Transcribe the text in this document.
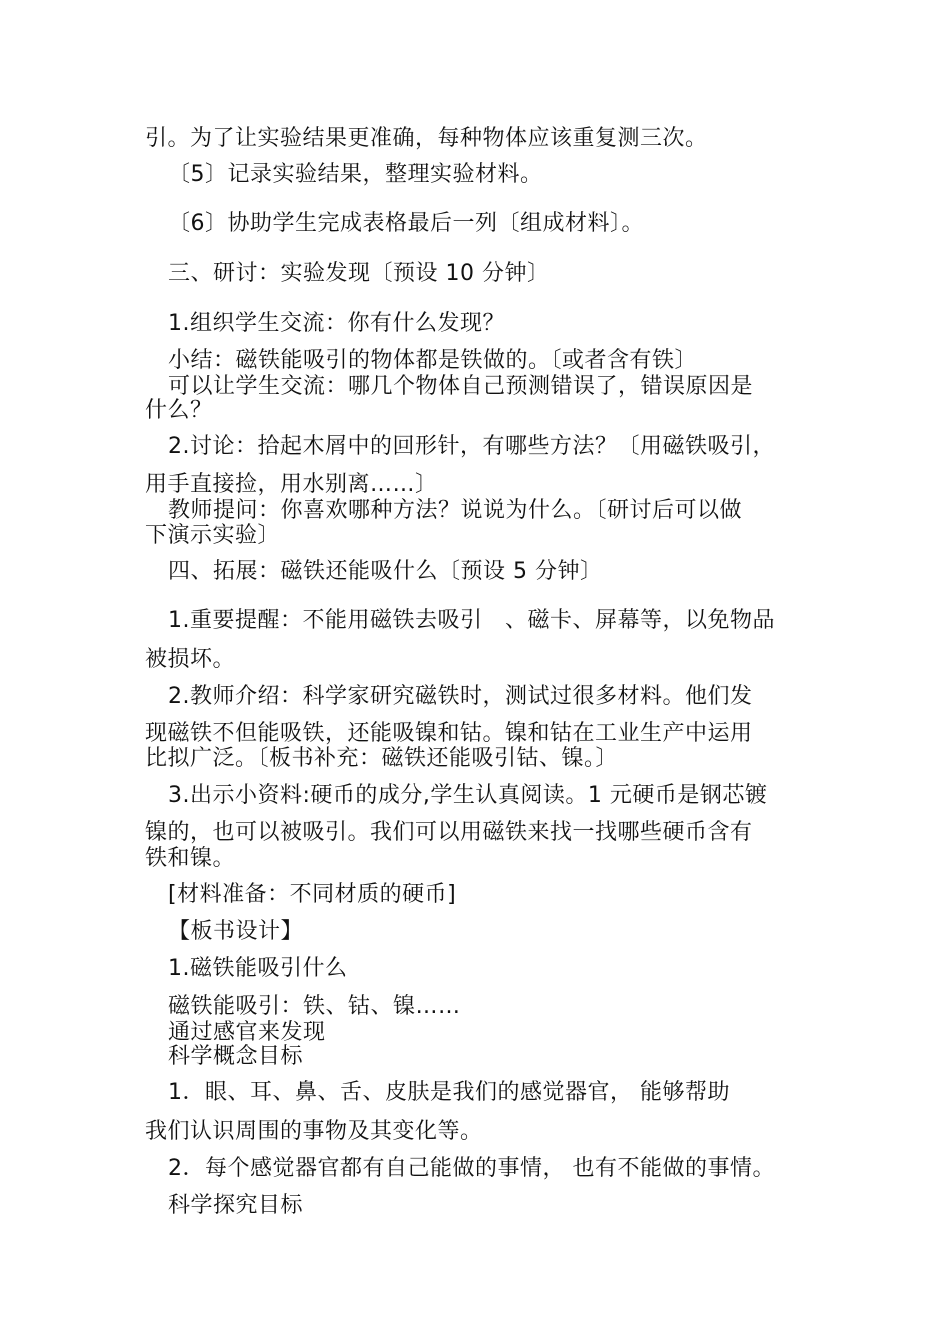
引。为了让实验结果更准确，每种物体应该重复测三次。
〔5〕记录实验结果，整理实验材料。
〔6〕协助学生完成表格最后一列〔组成材料〕。
三、研讨：实验发现〔预设 10 分钟〕
1.组织学生交流：你有什么发现？
小结：磁铁能吸引的物体都是铁做的。〔或者含有铁〕
可以让学生交流：哪几个物体自己预测错误了，错误原因是
什么？
2.讨论：拾起木屑中的回形针，有哪些方法？〔用磁铁吸引，
用手直接捡，用水别离……〕
教师提问：你喜欢哪种方法？说说为什么。〔研讨后可以做
下演示实验〕
四、拓展：磁铁还能吸什么〔预设 5 分钟〕
1.重要提醒：不能用磁铁去吸引　、磁卡、屏幕等，以免物品
被损坏。
2.教师介绍：科学家研究磁铁时，测试过很多材料。他们发
现磁铁不但能吸铁，还能吸镍和钴。镍和钴在工业生产中运用
比拟广泛。〔板书补充：磁铁还能吸引钴、镍。〕
3.出示小资料:硬币的成分,学生认真阅读。1 元硬币是钢芯镀
镍的，也可以被吸引。我们可以用磁铁来找一找哪些硬币含有
铁和镍。
[材料准备：不同材质的硬币]
【板书设计】
1.磁铁能吸引什么
磁铁能吸引：铁、钴、镍……
通过感官来发现
科学概念目标
1．眼、耳、鼻、舌、皮肤是我们的感觉器官， 能够帮助
我们认识周围的事物及其变化等。
2．每个感觉器官都有自己能做的事情， 也有不能做的事情。
科学探究目标
